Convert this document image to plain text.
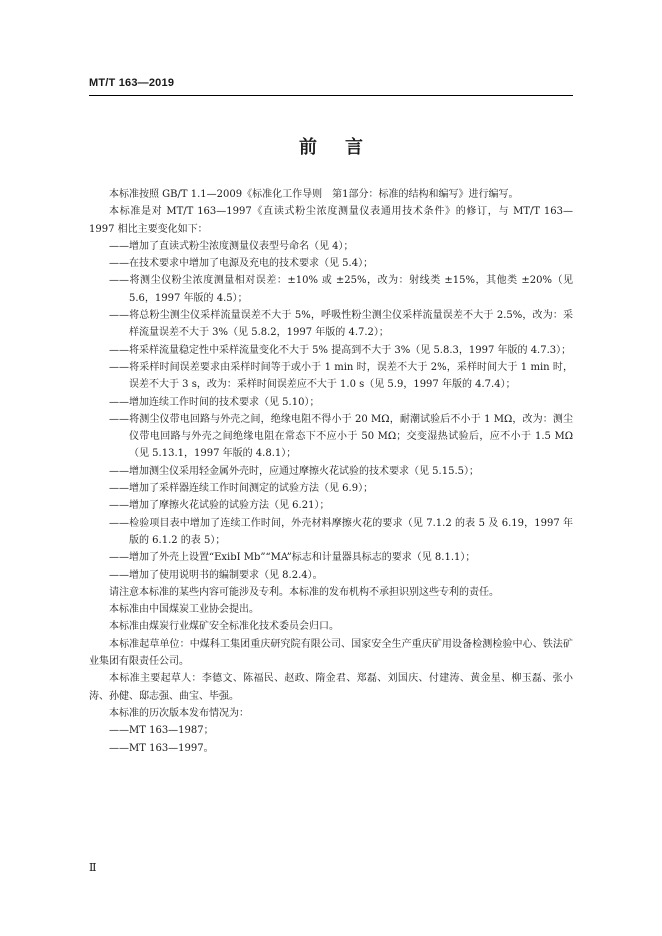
MT/T 163—2019
前言

本标准按照 GB/T 1.1—2009《标准化工作导则　第1部分：标准的结构和编写》进行编写。

本标准是对 MT/T 163—1997《直读式粉尘浓度测量仪表通用技术条件》的修订，与 MT/T 163—1997 相比主要变化如下：

——增加了直读式粉尘浓度测量仪表型号命名（见 4）；

——在技术要求中增加了电源及充电的技术要求（见 5.4）；

——将测尘仪粉尘浓度测量相对误差：±10% 或 ±25%，改为：射线类 ±15%，其他类 ±20%（见 5.6，1997 年版的 4.5）；

——将总粉尘测尘仪采样流量误差不大于 5%，呼吸性粉尘测尘仪采样流量误差不大于 2.5%，改为：采样流量误差不大于 3%（见 5.8.2，1997 年版的 4.7.2）；

——将采样流量稳定性中采样流量变化不大于 5% 提高到不大于 3%（见 5.8.3，1997 年版的 4.7.3）；

——将采样时间误差要求由采样时间等于或小于 1 min 时，误差不大于 2%，采样时间大于 1 min 时，误差不大于 3 s，改为：采样时间误差应不大于 1.0 s（见 5.9，1997 年版的 4.7.4）；

——增加连续工作时间的技术要求（见 5.10）；

——将测尘仪带电回路与外壳之间，绝缘电阻不得小于 20 MΩ，耐潮试验后不小于 1 MΩ，改为：测尘仪带电回路与外壳之间绝缘电阻在常态下不应小于 50 MΩ；交变湿热试验后，应不小于 1.5 MΩ（见 5.13.1，1997 年版的 4.8.1）；

——增加测尘仪采用轻金属外壳时，应通过摩擦火花试验的技术要求（见 5.15.5）；

——增加了采样器连续工作时间测定的试验方法（见 6.9）；

——增加了摩擦火花试验的试验方法（见 6.21）；

——检验项目表中增加了连续工作时间，外壳材料摩擦火花的要求（见 7.1.2 的表 5 及 6.19，1997 年版的 6.1.2 的表 5）；

——增加了外壳上设置“ExibI Mb”“MA”标志和计量器具标志的要求（见 8.1.1）；

——增加了使用说明书的编制要求（见 8.2.4）。

请注意本标准的某些内容可能涉及专利。本标准的发布机构不承担识别这些专利的责任。

本标准由中国煤炭工业协会提出。

本标准由煤炭行业煤矿安全标准化技术委员会归口。

本标准起草单位：中煤科工集团重庆研究院有限公司、国家安全生产重庆矿用设备检测检验中心、铁法矿业集团有限责任公司。

本标准主要起草人：李德文、陈福民、赵政、隋金君、郑磊、刘国庆、付建涛、黄金星、柳玉磊、张小涛、孙健、邸志强、曲宝、毕强。

本标准的历次版本发布情况为：

——MT 163—1987；

——MT 163—1997。

Ⅱ
